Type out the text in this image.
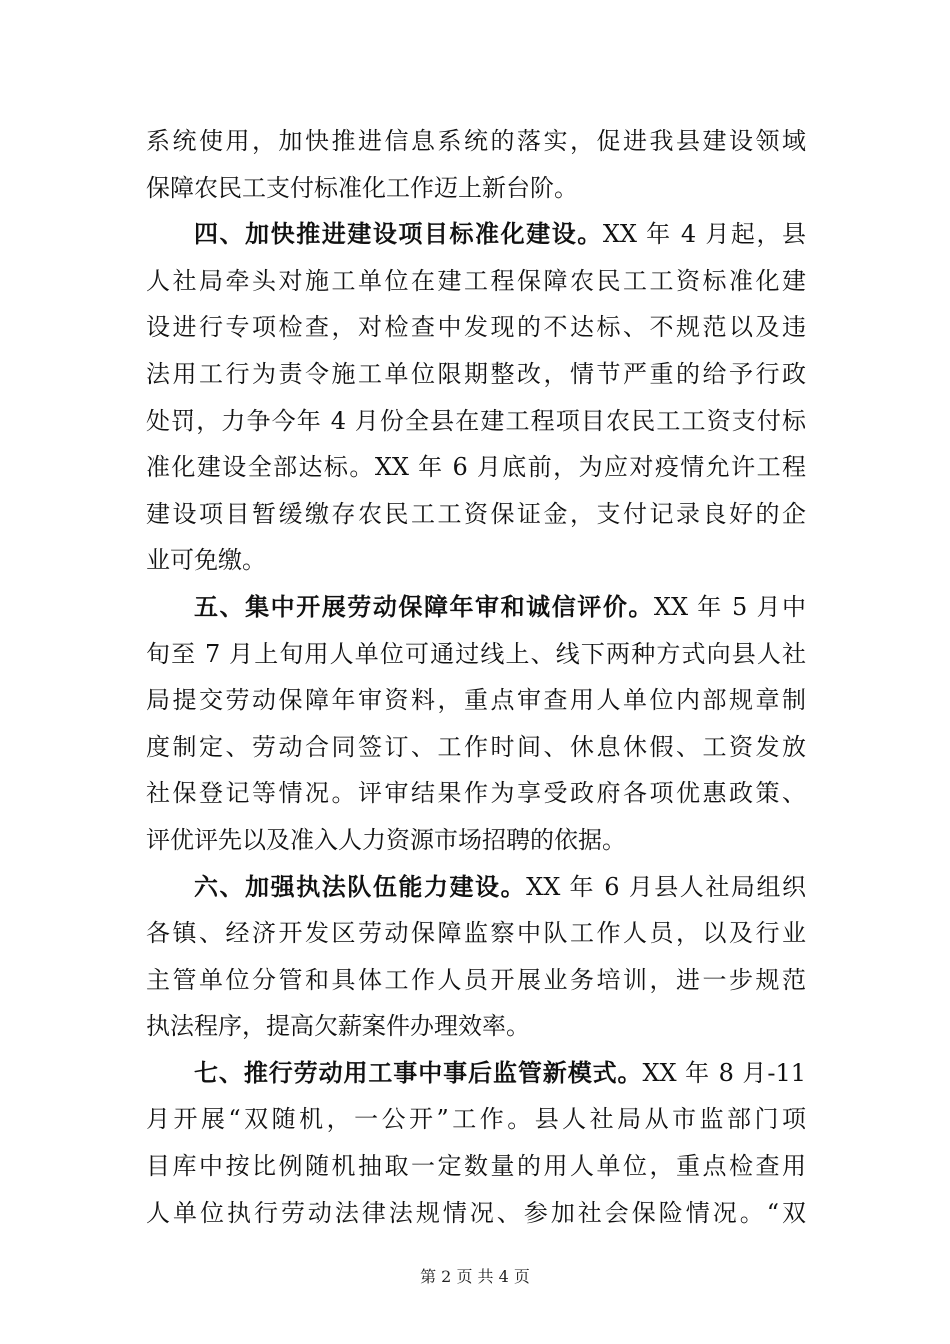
系统使用，加快推进信息系统的落实，促进我县建设领域
保障农民工支付标准化工作迈上新台阶。
四、加快推进建设项目标准化建设。XX 年 4 月起，县
人社局牵头对施工单位在建工程保障农民工工资标准化建
设进行专项检查，对检查中发现的不达标、不规范以及违
法用工行为责令施工单位限期整改，情节严重的给予行政
处罚，力争今年 4 月份全县在建工程项目农民工工资支付标
准化建设全部达标。XX 年 6 月底前，为应对疫情允许工程
建设项目暂缓缴存农民工工资保证金，支付记录良好的企
业可免缴。
五、集中开展劳动保障年审和诚信评价。XX 年 5 月中
旬至 7 月上旬用人单位可通过线上、线下两种方式向县人社
局提交劳动保障年审资料，重点审查用人单位内部规章制
度制定、劳动合同签订、工作时间、休息休假、工资发放
社保登记等情况。评审结果作为享受政府各项优惠政策、
评优评先以及准入人力资源市场招聘的依据。
六、加强执法队伍能力建设。XX 年 6 月县人社局组织
各镇、经济开发区劳动保障监察中队工作人员，以及行业
主管单位分管和具体工作人员开展业务培训，进一步规范
执法程序，提高欠薪案件办理效率。
七、推行劳动用工事中事后监管新模式。XX 年 8 月-11
月开展“双随机，一公开”工作。县人社局从市监部门项
目库中按比例随机抽取一定数量的用人单位，重点检查用
人单位执行劳动法律法规情况、参加社会保险情况。“双
第 2 页 共 4 页
